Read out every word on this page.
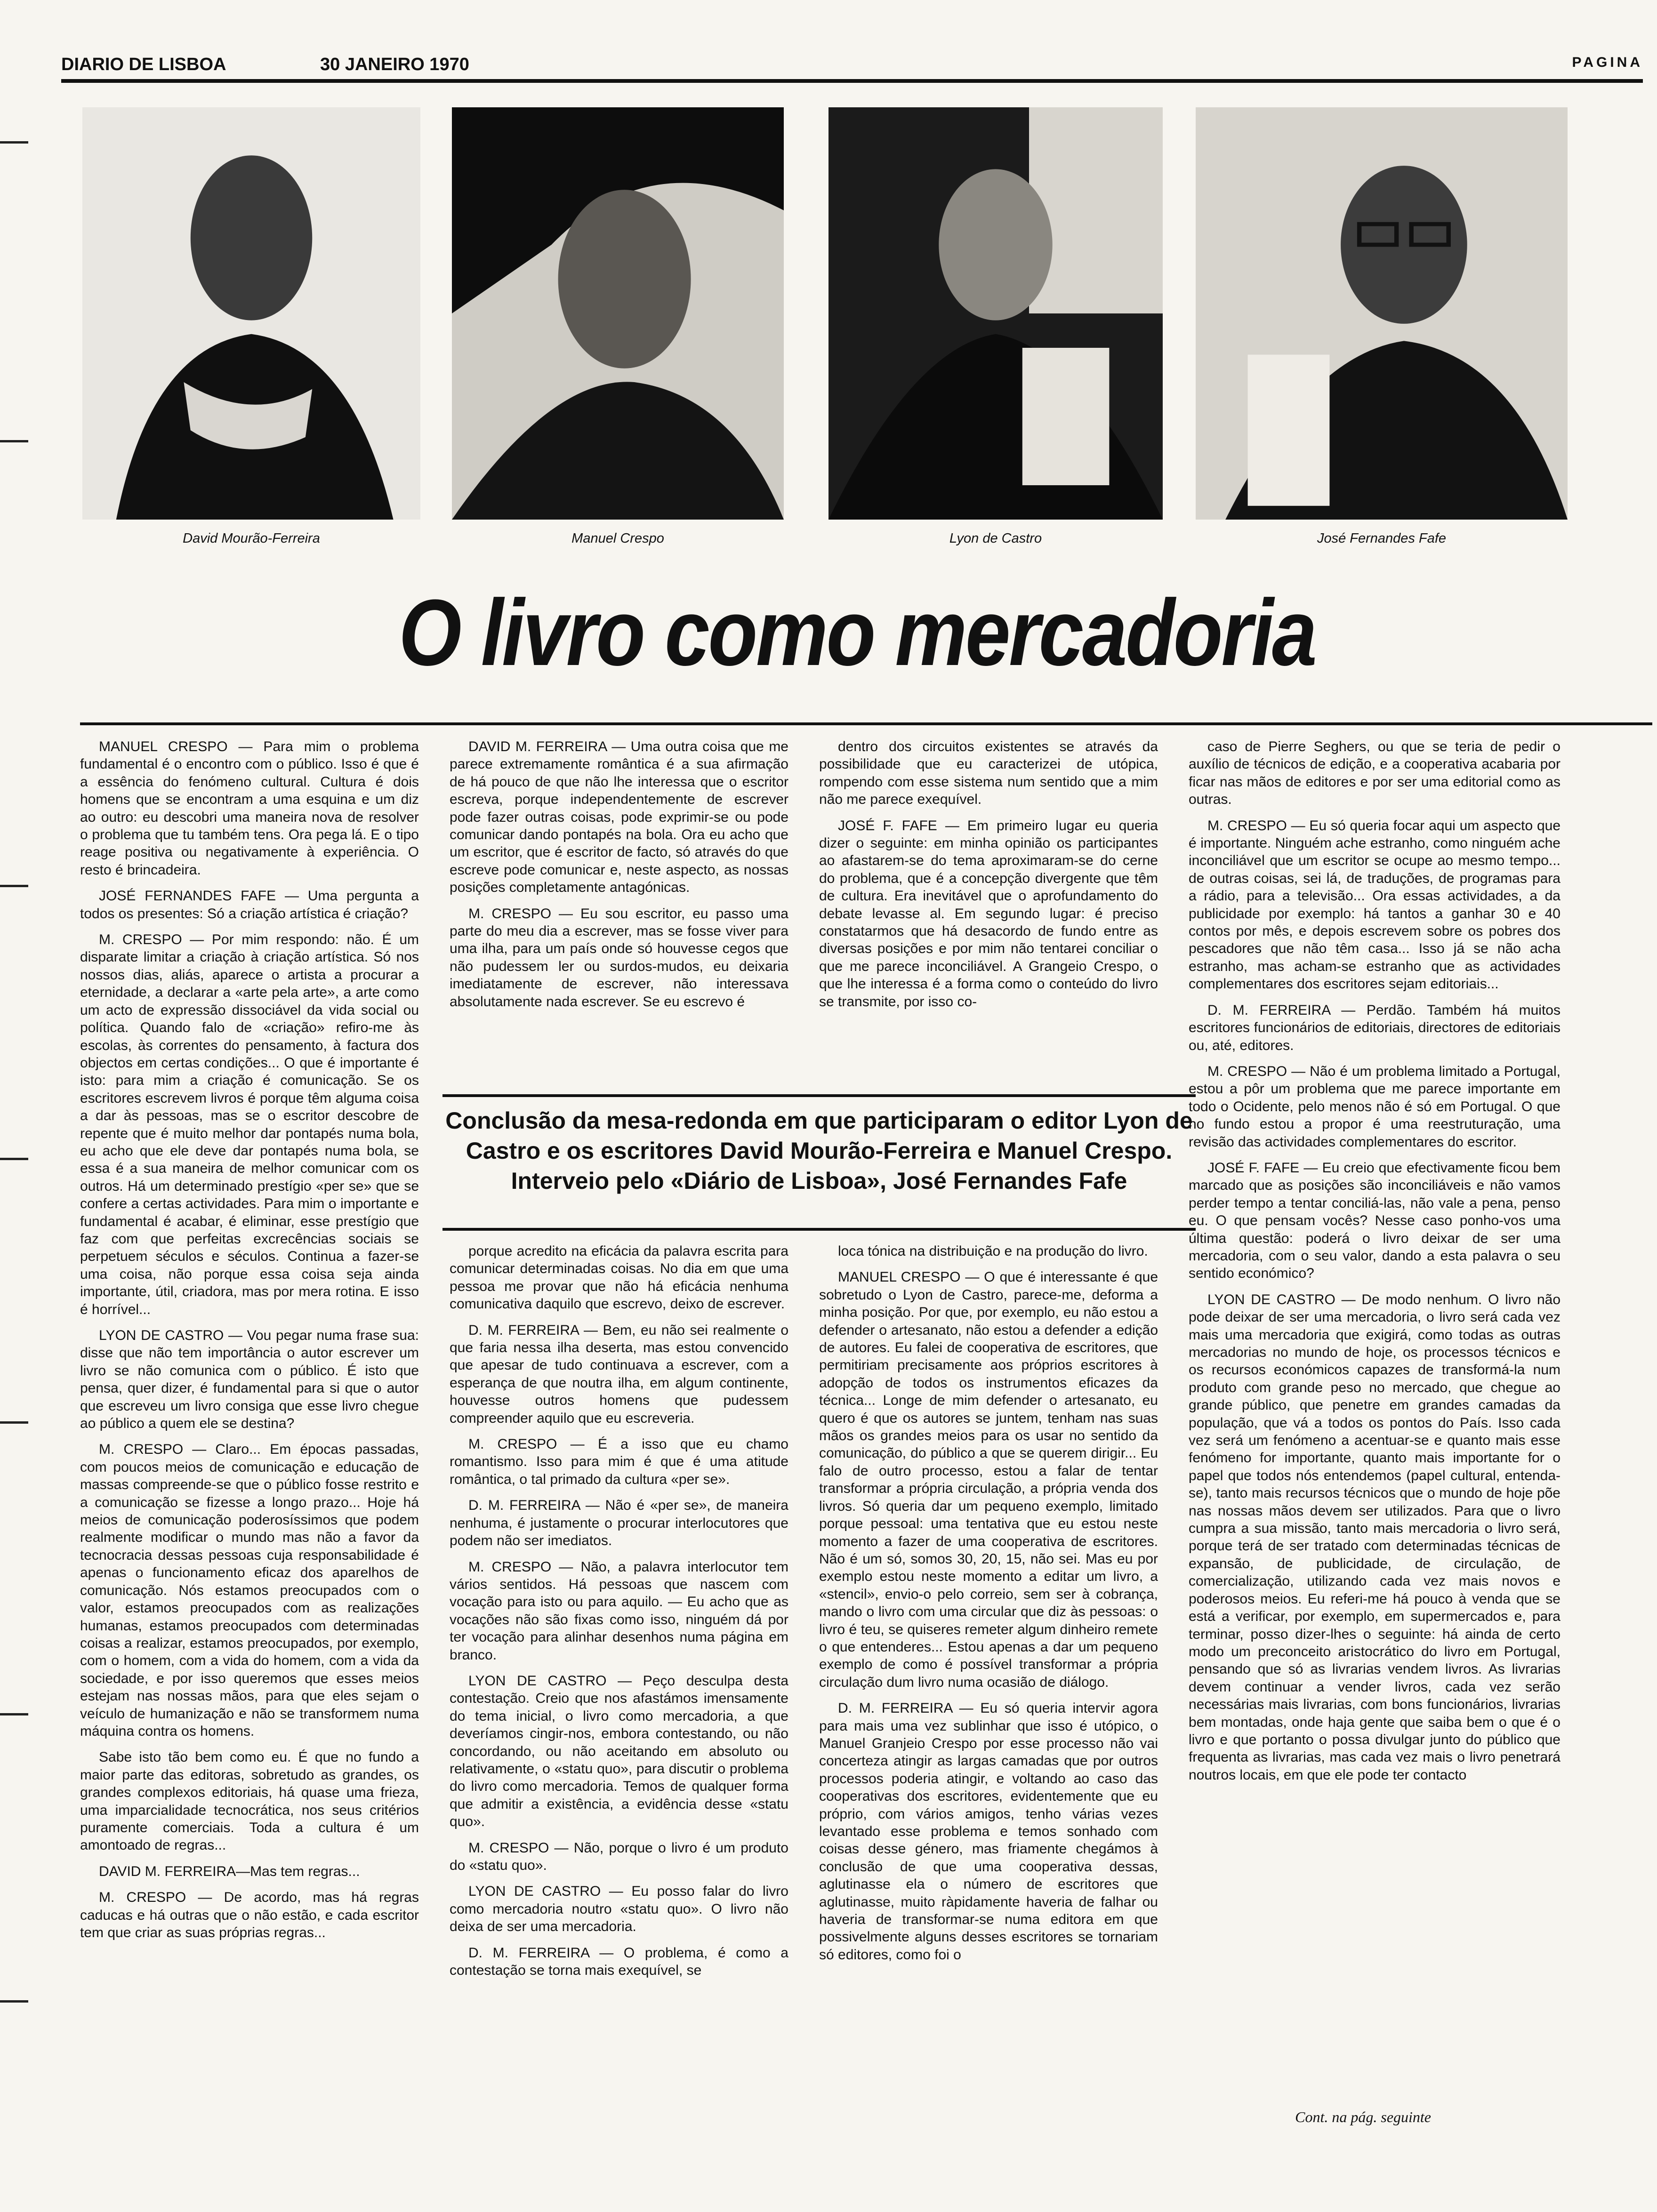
DIARIO DE LISBOA	30 JANEIRO 1970	PAGINA
David Mourão-Ferreira	Manuel Crespo	Lyon de Castro	José Fernandes Fafe
O livro como mercadoria

MANUEL CRESPO — Para mim o problema fundamental é o encontro com o público. Isso é que é a essência do fenómeno cultural. Cultura é dois homens que se encontram a uma esquina e um diz ao outro: eu descobri uma maneira nova de resolver o problema que tu também tens. Ora pega lá. E o tipo reage positiva ou negativamente à experiência. O resto é brincadeira.

JOSÉ FERNANDES FAFE — Uma pergunta a todos os presentes: Só a criação artística é criação?

M. CRESPO — Por mim respondo: não. É um disparate limitar a criação à criação artística. Só nos nossos dias, aliás, aparece o artista a procurar a eternidade, a declarar a «arte pela arte», a arte como um acto de expressão dissociável da vida social ou política. Quando falo de «criação» refiro-me às escolas, às correntes do pensamento, à factura dos objectos em certas condições... O que é importante é isto: para mim a criação é comunicação. Se os escritores escrevem livros é porque têm alguma coisa a dar às pessoas, mas se o escritor descobre de repente que é muito melhor dar pontapés numa bola, eu acho que ele deve dar pontapés numa bola, se essa é a sua maneira de melhor comunicar com os outros. Há um determinado prestígio «per se» que se confere a certas actividades. Para mim o importante e fundamental é acabar, é eliminar, esse prestígio que faz com que perfeitas excrecências sociais se perpetuem séculos e séculos. Continua a fazer-se uma coisa, não porque essa coisa seja ainda importante, útil, criadora, mas por mera rotina. E isso é horrível...

LYON DE CASTRO — Vou pegar numa frase sua: disse que não tem importância o autor escrever um livro se não comunica com o público. É isto que pensa, quer dizer, é fundamental para si que o autor que escreveu um livro consiga que esse livro chegue ao público a quem ele se destina?

M. CRESPO — Claro... Em épocas passadas, com poucos meios de comunicação e educação de massas compreende-se que o público fosse restrito e a comunicação se fizesse a longo prazo... Hoje há meios de comunicação poderosíssimos que podem realmente modificar o mundo mas não a favor da tecnocracia dessas pessoas cuja responsabilidade é apenas o funcionamento eficaz dos aparelhos de comunicação. Nós estamos preocupados com o valor, estamos preocupados com as realizações humanas, estamos preocupados com determinadas coisas a realizar, estamos preocupados, por exemplo, com o homem, com a vida do homem, com a vida da sociedade, e por isso queremos que esses meios estejam nas nossas mãos, para que eles sejam o veículo de humanização e não se transformem numa máquina contra os homens.

Sabe isto tão bem como eu. É que no fundo a maior parte das editoras, sobretudo as grandes, os grandes complexos editoriais, há quase uma frieza, uma imparcialidade tecnocrática, nos seus critérios puramente comerciais. Toda a cultura é um amontoado de regras...

DAVID M. FERREIRA—Mas tem regras...

M. CRESPO — De acordo, mas há regras caducas e há outras que o não estão, e cada escritor tem que criar as suas próprias regras...

DAVID M. FERREIRA — Uma outra coisa que me parece extremamente romântica é a sua afirmação de há pouco de que não lhe interessa que o escritor escreva, porque independentemente de escrever pode fazer outras coisas, pode exprimir-se ou pode comunicar dando pontapés na bola. Ora eu acho que um escritor, que é escritor de facto, só através do que escreve pode comunicar e, neste aspecto, as nossas posições completamente antagónicas.

M. CRESPO — Eu sou escritor, eu passo uma parte do meu dia a escrever, mas se fosse viver para uma ilha, para um país onde só houvesse cegos que não pudessem ler ou surdos-mudos, eu deixaria imediatamente de escrever, não interessava absolutamente nada escrever. Se eu escrevo é

dentro dos circuitos existentes se através da possibilidade que eu caracterizei de utópica, rompendo com esse sistema num sentido que a mim não me parece exequível.

JOSÉ F. FAFE — Em primeiro lugar eu queria dizer o seguinte: em minha opinião os participantes ao afastarem-se do tema aproximaram-se do cerne do problema, que é a concepção divergente que têm de cultura. Era inevitável que o aprofundamento do debate levasse al. Em segundo lugar: é preciso constatarmos que há desacordo de fundo entre as diversas posições e por mim não tentarei conciliar o que me parece inconciliável. A Grangeio Crespo, o que lhe interessa é a forma como o conteúdo do livro se transmite, por isso co-

Conclusão da mesa-redonda em que participaram o editor Lyon de Castro e os escritores David Mourão-Ferreira e Manuel Crespo. Interveio pelo «Diário de Lisboa», José Fernandes Fafe

porque acredito na eficácia da palavra escrita para comunicar determinadas coisas. No dia em que uma pessoa me provar que não há eficácia nenhuma comunicativa daquilo que escrevo, deixo de escrever.

D. M. FERREIRA — Bem, eu não sei realmente o que faria nessa ilha deserta, mas estou convencido que apesar de tudo continuava a escrever, com a esperança de que noutra ilha, em algum continente, houvesse outros homens que pudessem compreender aquilo que eu escreveria.

M. CRESPO — É a isso que eu chamo romantismo. Isso para mim é que é uma atitude romântica, o tal primado da cultura «per se».

D. M. FERREIRA — Não é «per se», de maneira nenhuma, é justamente o procurar interlocutores que podem não ser imediatos.

M. CRESPO — Não, a palavra interlocutor tem vários sentidos. Há pessoas que nascem com vocação para isto ou para aquilo. — Eu acho que as vocações não são fixas como isso, ninguém dá por ter vocação para alinhar desenhos numa página em branco.

LYON DE CASTRO — Peço desculpa desta contestação. Creio que nos afastámos imensamente do tema inicial, o livro como mercadoria, a que deveríamos cingir-nos, embora contestando, ou não concordando, ou não aceitando em absoluto ou relativamente, o «statu quo», para discutir o problema do livro como mercadoria. Temos de qualquer forma que admitir a existência, a evidência desse «statu quo».

M. CRESPO — Não, porque o livro é um produto do «statu quo».

LYON DE CASTRO — Eu posso falar do livro como mercadoria noutro «statu quo». O livro não deixa de ser uma mercadoria.

D. M. FERREIRA — O problema, é como a contestação se torna mais exequível, se

loca tónica na distribuição e na produção do livro.

MANUEL CRESPO — O que é interessante é que sobretudo o Lyon de Castro, parece-me, deforma a minha posição. Por que, por exemplo, eu não estou a defender o artesanato, não estou a defender a edição de autores. Eu falei de cooperativa de escritores, que permitiriam precisamente aos próprios escritores à adopção de todos os instrumentos eficazes da técnica... Longe de mim defender o artesanato, eu quero é que os autores se juntem, tenham nas suas mãos os grandes meios para os usar no sentido da comunicação, do público a que se querem dirigir... Eu falo de outro processo, estou a falar de tentar transformar a própria circulação, a própria venda dos livros. Só queria dar um pequeno exemplo, limitado porque pessoal: uma tentativa que eu estou neste momento a fazer de uma cooperativa de escritores. Não é um só, somos 30, 20, 15, não sei. Mas eu por exemplo estou neste momento a editar um livro, a «stencil», envio-o pelo correio, sem ser à cobrança, mando o livro com uma circular que diz às pessoas: o livro é teu, se quiseres remeter algum dinheiro remete o que entenderes... Estou apenas a dar um pequeno exemplo de como é possível transformar a própria circulação dum livro numa ocasião de diálogo.

D. M. FERREIRA — Eu só queria intervir agora para mais uma vez sublinhar que isso é utópico, o Manuel Granjeio Crespo por esse processo não vai concerteza atingir as largas camadas que por outros processos poderia atingir, e voltando ao caso das cooperativas dos escritores, evidentemente que eu próprio, com vários amigos, tenho várias vezes levantado esse problema e temos sonhado com coisas desse género, mas friamente chegámos à conclusão de que uma cooperativa dessas, aglutinasse ela o número de escritores que aglutinasse, muito ràpidamente haveria de falhar ou haveria de transformar-se numa editora em que possivelmente alguns desses escritores se tornariam só editores, como foi o

caso de Pierre Seghers, ou que se teria de pedir o auxílio de técnicos de edição, e a cooperativa acabaria por ficar nas mãos de editores e por ser uma editorial como as outras.

M. CRESPO — Eu só queria focar aqui um aspecto que é importante. Ninguém ache estranho, como ninguém ache inconciliável que um escritor se ocupe ao mesmo tempo... de outras coisas, sei lá, de traduções, de programas para a rádio, para a televisão... Ora essas actividades, a da publicidade por exemplo: há tantos a ganhar 30 e 40 contos por mês, e depois escrevem sobre os pobres dos pescadores que não têm casa... Isso já se não acha estranho, mas acham-se estranho que as actividades complementares dos escritores sejam editoriais...

D. M. FERREIRA — Perdão. Também há muitos escritores funcionários de editoriais, directores de editoriais ou, até, editores.

M. CRESPO — Não é um problema limitado a Portugal, estou a pôr um problema que me parece importante em todo o Ocidente, pelo menos não é só em Portugal. O que no fundo estou a propor é uma reestruturação, uma revisão das actividades complementares do escritor.

JOSÉ F. FAFE — Eu creio que efectivamente ficou bem marcado que as posições são inconciliáveis e não vamos perder tempo a tentar conciliá-las, não vale a pena, penso eu. O que pensam vocês? Nesse caso ponho-vos uma última questão: poderá o livro deixar de ser uma mercadoria, com o seu valor, dando a esta palavra o seu sentido económico?

LYON DE CASTRO — De modo nenhum. O livro não pode deixar de ser uma mercadoria, o livro será cada vez mais uma mercadoria que exigirá, como todas as outras mercadorias no mundo de hoje, os processos técnicos e os recursos económicos capazes de transformá-la num produto com grande peso no mercado, que chegue ao grande público, que penetre em grandes camadas da população, que vá a todos os pontos do País. Isso cada vez será um fenómeno a acentuar-se e quanto mais esse fenómeno for importante, quanto mais importante for o papel que todos nós entendemos (papel cultural, entenda-se), tanto mais recursos técnicos que o mundo de hoje põe nas nossas mãos devem ser utilizados. Para que o livro cumpra a sua missão, tanto mais mercadoria o livro será, porque terá de ser tratado com determinadas técnicas de expansão, de publicidade, de circulação, de comercialização, utilizando cada vez mais novos e poderosos meios. Eu referi-me há pouco à venda que se está a verificar, por exemplo, em supermercados e, para terminar, posso dizer-lhes o seguinte: há ainda de certo modo um preconceito aristocrático do livro em Portugal, pensando que só as livrarias vendem livros. As livrarias devem continuar a vender livros, cada vez serão necessárias mais livrarias, com bons funcionários, livrarias bem montadas, onde haja gente que saiba bem o que é o livro e que portanto o possa divulgar junto do público que frequenta as livrarias, mas cada vez mais o livro penetrará noutros locais, em que ele pode ter contacto

Cont. na pág. seguinte
